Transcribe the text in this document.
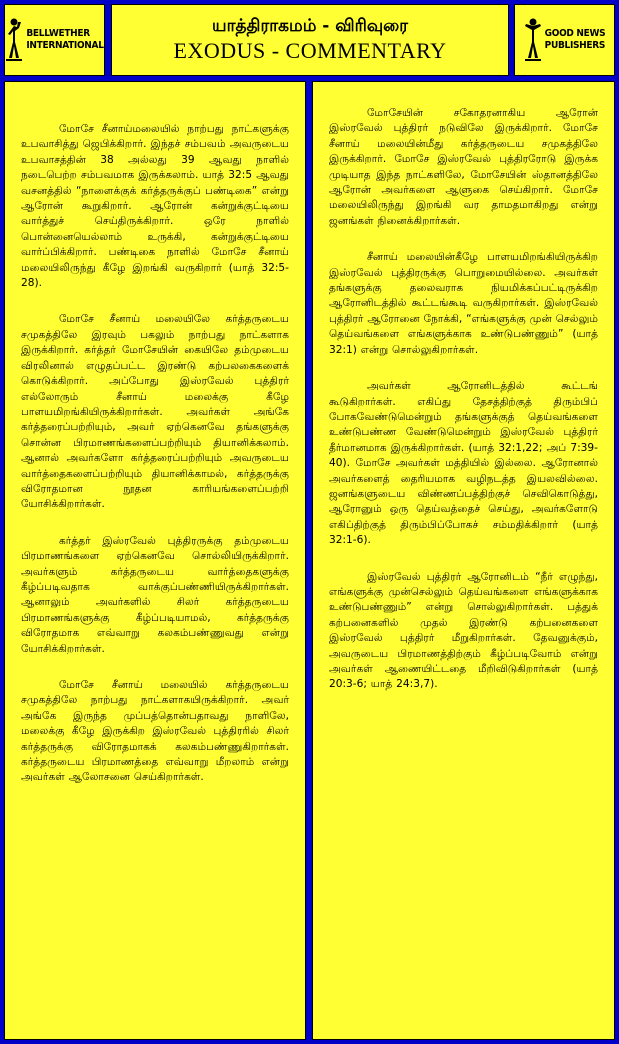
BELLWETHER
INTERNATIONAL
யாத்திராகமம் - விரிவுரை
EXODUS - COMMENTARY
GOOD NEWS
PUBLISHERS

மோசே சீனாய்மலையில் நாற்பது நாட்களுக்கு உபவாசித்து ஜெபிக்கிறார். இந்தச் சம்பவம் அவருடைய உபவாசத்தின் 38 அல்லது 39 ஆவது நாளில் நடைபெற்ற சம்பவமாக இருக்கலாம். யாத் 32:5 ஆவது வசனத்தில் “நாளைக்குக் கர்த்தருக்குப் பண்டிகை” என்று ஆரோன் கூறுகிறார். ஆரோன் கன்றுக்குட்டியை வார்த்துச் செய்திருக்கிறார். ஒரே நாளில் பொன்னையெல்லாம் உருக்கி, கன்றுக்குட்டியை வார்ப்பிக்கிறார். பண்டிகை நாளில் மோசே சீனாய் மலையிலிருந்து கீழே இறங்கி வருகிறார் (யாத் 32:5-28).

மோசே சீனாய் மலையிலே கர்த்தருடைய சமுகத்திலே இரவும் பகலும் நாற்பது நாட்களாக இருக்கிறார். கர்த்தர் மோசேயின் கையிலே தம்முடைய விரலினால் எழுதப்பட்ட இரண்டு கற்பலகைகளைக் கொடுக்கிறார். அப்போது இஸ்ரவேல் புத்திரர் எல்லோரும் சீனாய் மலைக்கு கீழே பாளயமிறங்கியிருக்கிறார்கள். அவர்கள் அங்கே கர்த்தரைப்பற்றியும், அவர் ஏற்கெனவே தங்களுக்கு சொன்ன பிரமாணங்களைப்பற்றியும் தியானிக்கலாம். ஆனால் அவர்களோ கர்த்தரைப்பற்றியும் அவருடைய வார்த்தைகளைப்பற்றியும் தியானிக்காமல், கர்த்தருக்கு விரோதமான நூதன காரியங்களைப்பற்றி யோசிக்கிறார்கள்.

கர்த்தர் இஸ்ரவேல் புத்திரருக்கு தம்முடைய பிரமாணங்களை ஏற்கெனவே சொல்லியிருக்கிறார். அவர்களும் கர்த்தருடைய வார்த்தைகளுக்கு கீழ்ப்படிவதாக வாக்குப்பண்ணியிருக்கிறார்கள். ஆனாலும் அவர்களில் சிலர் கர்த்தருடைய பிரமாணங்களுக்கு கீழ்ப்படியாமல், கர்த்தருக்கு விரோதமாக எவ்வாறு கலகம்பண்ணுவது என்று யோசிக்கிறார்கள்.

மோசே சீனாய் மலையில் கர்த்தருடைய சமுகத்திலே நாற்பது நாட்களாகயிருக்கிறார். அவர் அங்கே இருந்த முப்பத்தொன்பதாவது நாளிலே, மலைக்கு கீழே இருக்கிற இஸ்ரவேல் புத்திரரில் சிலர் கர்த்தருக்கு விரோதமாகக் கலகம்பண்ணுகிறார்கள். கர்த்தருடைய பிரமாணத்தை எவ்வாறு மீறலாம் என்று அவர்கள் ஆலோசனை செய்கிறார்கள்.

மோசேயின் சகோதரனாகிய ஆரோன் இஸ்ரவேல் புத்திரர் நடுவிலே இருக்கிறார். மோசே சீனாய் மலையின்மீது கர்த்தருடைய சமுகத்திலே இருக்கிறார். மோசே இஸ்ரவேல் புத்திரரோடு இருக்க முடியாத இந்த நாட்களிலே, மோசேயின் ஸ்தானத்திலே ஆரோன் அவர்களை ஆளுகை செய்கிறார். மோசே மலையிலிருந்து இறங்கி வர தாமதமாகிறது என்று ஜனங்கள் நினைக்கிறார்கள்.

சீனாய் மலையின்கீழே பாளயமிறங்கியிருக்கிற இஸ்ரவேல் புத்திரருக்கு பொறுமையில்லை. அவர்கள் தங்களுக்கு தலைவராக நியமிக்கப்பட்டிருக்கிற ஆரோனிடத்தில் கூட்டங்கூடி வருகிறார்கள். இஸ்ரவேல் புத்திரர் ஆரோனை நோக்கி, “எங்களுக்கு முன் செல்லும் தெய்வங்களை எங்களுக்காக உண்டுபண்ணும்” (யாத் 32:1) என்று சொல்லுகிறார்கள்.

அவர்கள் ஆரோனிடத்தில் கூட்டங் கூடுகிறார்கள். எகிப்து தேசத்திற்குத் திரும்பிப் போகவேண்டுமென்றும் தங்களுக்குத் தெய்வங்களை உண்டுபண்ண வேண்டுமென்றும் இஸ்ரவேல் புத்திரர் தீர்மானமாக இருக்கிறார்கள். (யாத் 32:1,22; அப் 7:39-40). மோசே அவர்கள் மத்தியில் இல்லை. ஆரோனால் அவர்களைத் தைரியமாக வழிநடத்த இயலவில்லை. ஜனங்களுடைய விண்ணப்பத்திற்குச் செவிகொடுத்து, ஆரோனும் ஒரு தெய்வத்தைச் செய்து, அவர்களோடு எகிப்திற்குத் திரும்பிப்போகச் சம்மதிக்கிறார் (யாத் 32:1-6).

இஸ்ரவேல் புத்திரர் ஆரோனிடம் “நீர் எழுந்து, எங்களுக்கு முன்செல்லும் தெய்வங்களை எங்களுக்காக உண்டுபண்ணும்” என்று சொல்லுகிறார்கள். பத்துக் கற்பனைகளில் முதல் இரண்டு கற்பனைகளை இஸ்ரவேல் புத்திரர் மீறுகிறார்கள். தேவனுக்கும், அவருடைய பிரமாணத்திற்கும் கீழ்ப்படிவோம் என்று அவர்கள் ஆணையிட்டதை மீறிவிடுகிறார்கள் (யாத் 20:3-6; யாத் 24:3,7).
